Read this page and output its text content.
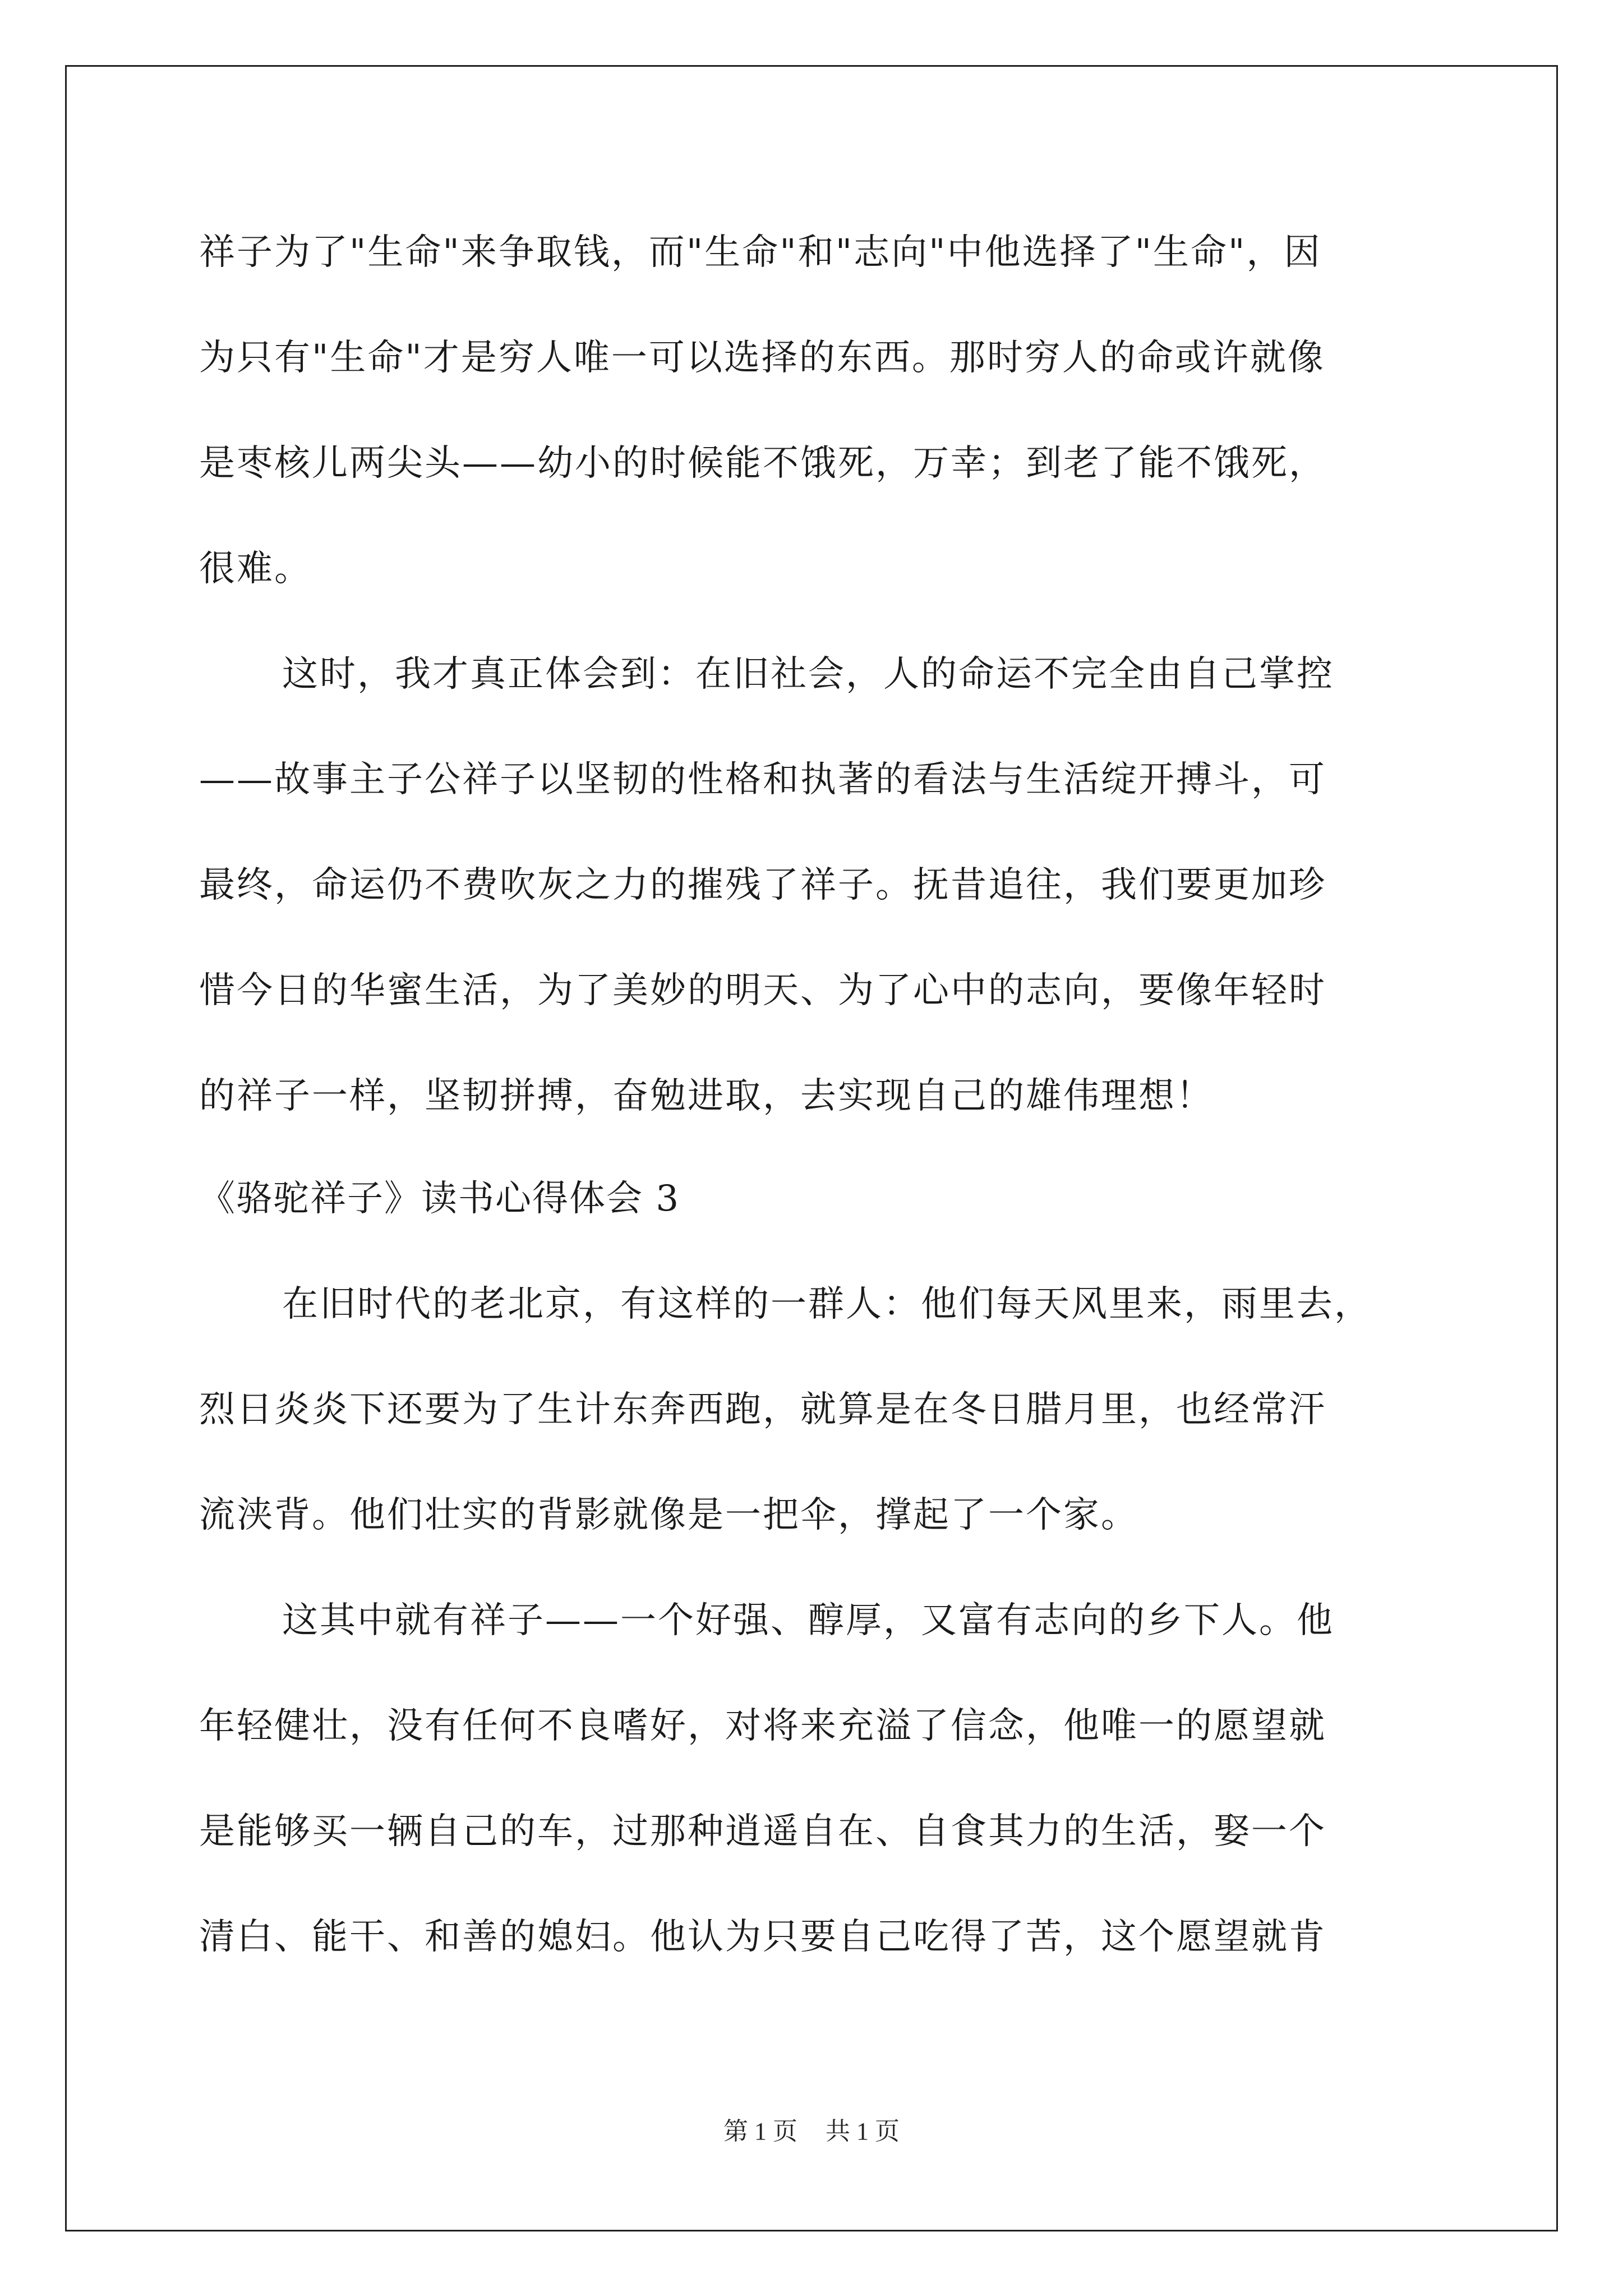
祥子为了"生命"来争取钱，而"生命"和"志向"中他选择了"生命"，因
为只有"生命"才是穷人唯一可以选择的东西。那时穷人的命或许就像
是枣核儿两尖头——幼小的时候能不饿死，万幸；到老了能不饿死，
很难。
这时，我才真正体会到：在旧社会，人的命运不完全由自己掌控
——故事主子公祥子以坚韧的性格和执著的看法与生活绽开搏斗，可
最终，命运仍不费吹灰之力的摧残了祥子。抚昔追往，我们要更加珍
惜今日的华蜜生活，为了美妙的明天、为了心中的志向，要像年轻时
的祥子一样，坚韧拼搏，奋勉进取，去实现自己的雄伟理想！
《骆驼祥子》读书心得体会 3
在旧时代的老北京，有这样的一群人：他们每天风里来，雨里去，
烈日炎炎下还要为了生计东奔西跑，就算是在冬日腊月里，也经常汗
流浃背。他们壮实的背影就像是一把伞，撑起了一个家。
这其中就有祥子——一个好强、醇厚，又富有志向的乡下人。他
年轻健壮，没有任何不良嗜好，对将来充溢了信念，他唯一的愿望就
是能够买一辆自己的车，过那种逍遥自在、自食其力的生活，娶一个
清白、能干、和善的媳妇。他认为只要自己吃得了苦，这个愿望就肯
第 1 页 共 1 页
